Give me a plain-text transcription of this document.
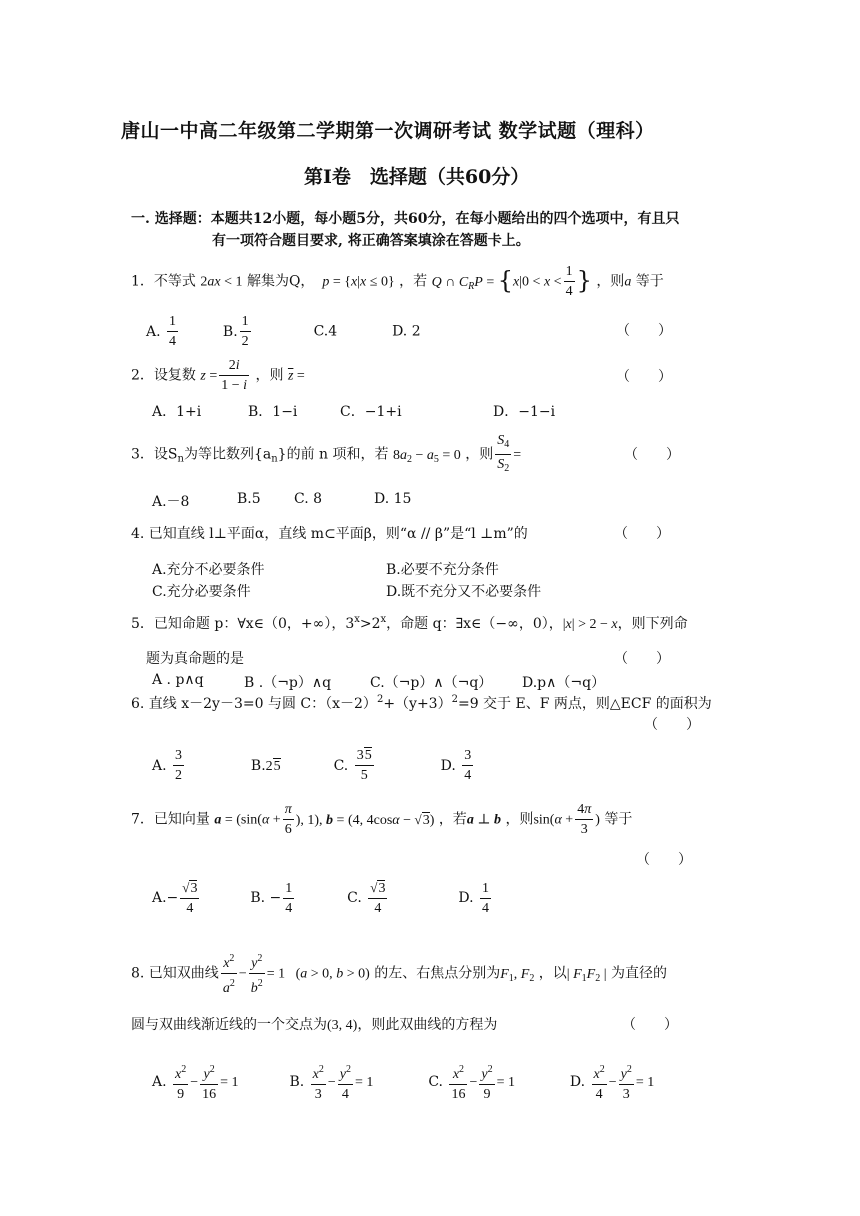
唐山一中高二年级第二学期第一次调研考试 数学试题（理科）
第Ⅰ卷　选择题（共60分）
一. 选择题：本题共12小题，每小题5分，共60分，在每小题给出的四个选项中，有且只
有一项符合题目要求, 将正确答案填涂在答题卡上。
1．不等式 2ax < 1 解集为Q， p = {x|x ≤ 0} ，若 Q ∩ $C_RP = \{x|0 < x < \frac{1}{4}$ } ，则a 等于
A. $\frac{1}{4}$	B. $\frac{1}{2}$	C.4	D. 2	（　　）
2．设复数 $z = \frac{2i}{1 - i}$ ，则 $\overline{z}$ =	（　　）
A．1+i	B．1−i	C．−1+i	D．−1−i
3．设$S_n$为等比数列$\{a_n\}$的前 n 项和，若 $8a_2 - a_5 = 0$ ，则 $\frac{S_4}{S_2}$ =	（　　）
A.－8	B.5 C. 8	D. 15
4. 已知直线 l⊥平面α，直线 m⊂平面β，则“α // β”是“l ⊥m”的	（　　）
A.充分不必要条件	B.必要不充分条件
C.充分必要条件	D.既不充分又不必要条件
5．已知命题 p：∀x∈（0，+∞），$3^x>2^x$，命题 q：∃x∈（−∞，0），|x| > 2 − x，则下列命
题为真命题的是	（　　）
A . p∧q	B .（¬p）∧q	C.（¬p）∧（¬q） D.p∧（¬q）
6. 直线 x－2y－3=0 与圆 C：$(x-2)^2+(y+3)^2=9$ 交于 E、F 两点，则△ECF 的面积为
（　　）
A. $\frac{3}{2}$	B.25	C. $\frac{35}{5}$	D. $\frac{3}{4}$
7．已知向量 $a = (\sin(\alpha + \frac{\pi}{6}$ ), 1), b = (4, 4cosα − √3) ，若a ⊥ b ，则$\sin(\alpha + \frac{4\pi}{3}$ ) 等于
（　　）
$A.- \frac{√3}{4}$	B. − $\frac{1}{4}$	C. $\frac{√3}{4}$	D. $\frac{1}{4}$
8. 已知双曲线 $\frac{x^2}{a^2} - \frac{y^2}{b^2} = 1$   (a > 0, b > 0) 的左、右焦点分别为$F_1$, $F_2$ ，以| $F_1F_2$ | 为直径的
圆与双曲线渐近线的一个交点为(3, 4)，则此双曲线的方程为	（　　）
A. $\frac{x^2}{9} - \frac{y^2}{16} = 1$	B. $\frac{x^2}{3} - \frac{y^2}{4} = 1$	C. $\frac{x^2}{16} - \frac{y^2}{9} = 1$	D. $\frac{x^2}{4} - \frac{y^2}{3} = 1$
